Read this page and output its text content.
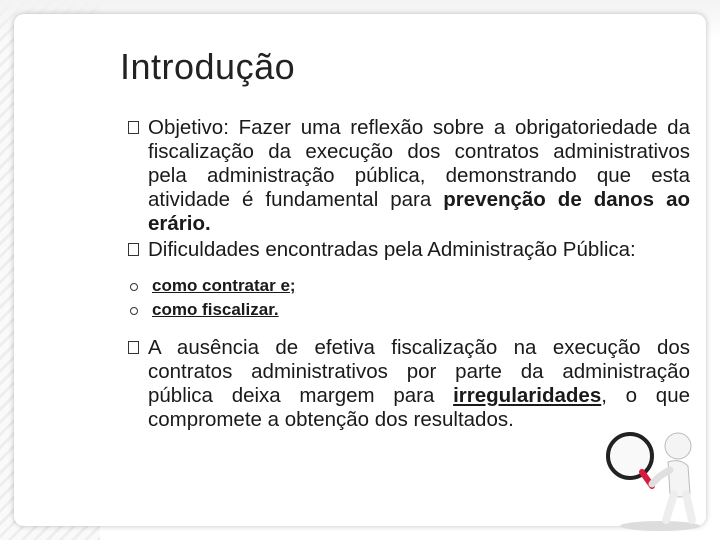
Introdução
Objetivo: Fazer uma reflexão sobre a obrigatoriedade da fiscalização da execução dos contratos administrativos pela administração pública, demonstrando que esta atividade é fundamental para prevenção de danos ao erário.
Dificuldades encontradas pela Administração Pública:
como contratar e;
como fiscalizar.
A ausência de efetiva fiscalização na execução dos contratos administrativos por parte da administração pública deixa margem para irregularidades, o que compromete a obtenção dos resultados.
